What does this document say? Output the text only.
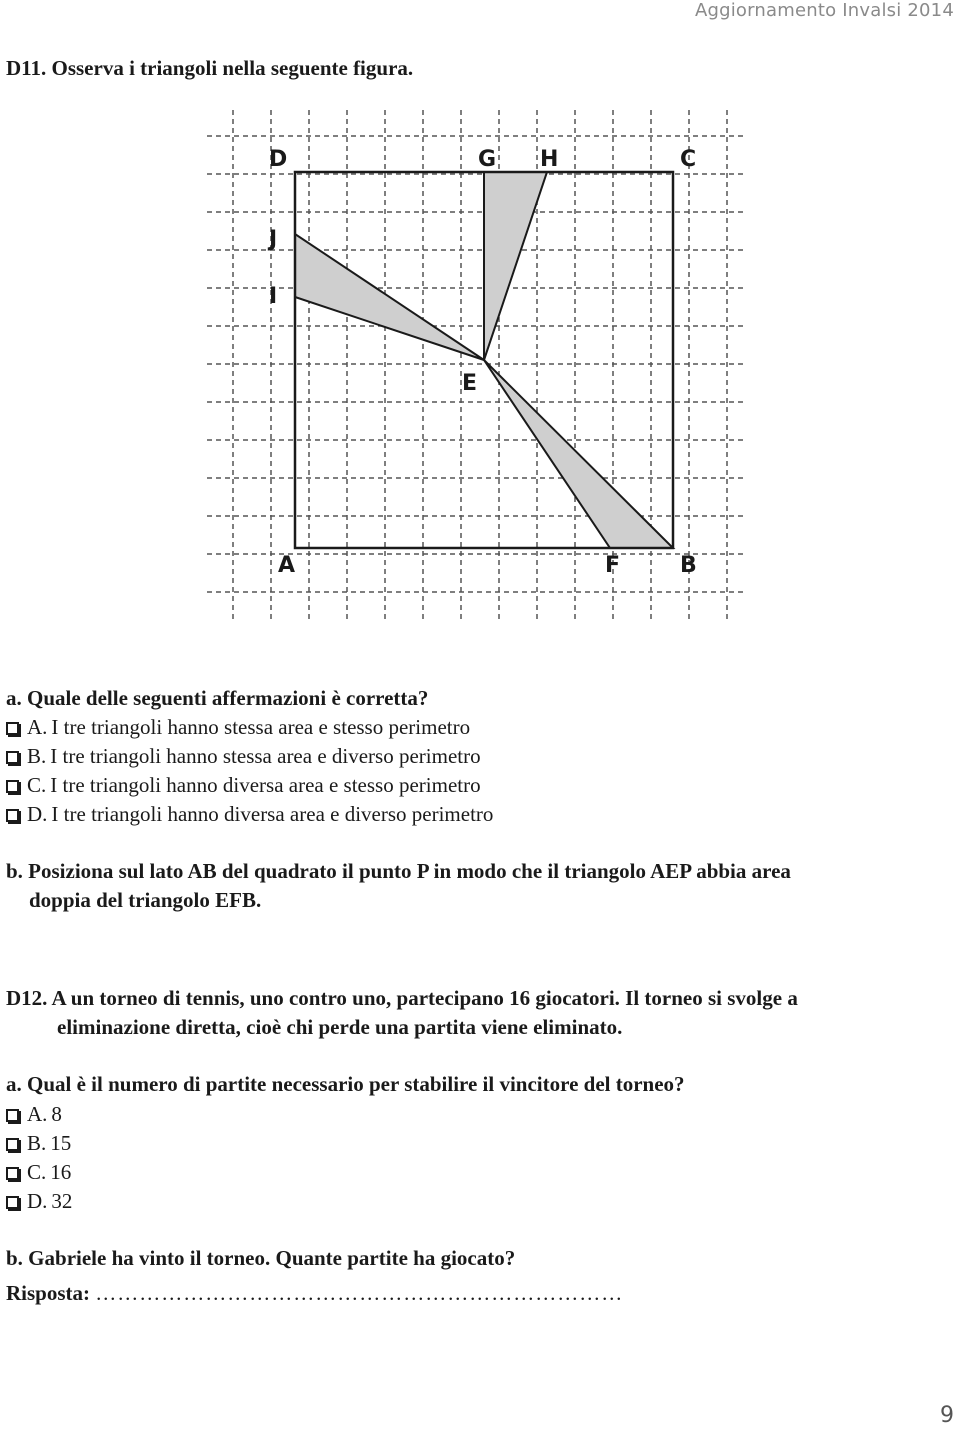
Aggiornamento Invalsi 2014
D11. Osserva i triangoli nella seguente figura.
D	G H	C
J
I
E
A	F	B
a. Quale delle seguenti affermazioni è corretta?
A. I tre triangoli hanno stessa area e stesso perimetro
B. I tre triangoli hanno stessa area e diverso perimetro
C. I tre triangoli hanno diversa area e stesso perimetro
D. I tre triangoli hanno diversa area e diverso perimetro
b. Posiziona sul lato AB del quadrato il punto P in modo che il triangolo AEP abbia area
doppia del triangolo EFB.
D12. A un torneo di tennis, uno contro uno, partecipano 16 giocatori. Il torneo si svolge a
eliminazione diretta, cioè chi perde una partita viene eliminato.
a. Qual è il numero di partite necessario per stabilire il vincitore del torneo?
A. 8
B. 15
C. 16
D. 32
b. Gabriele ha vinto il torneo. Quante partite ha giocato?
Risposta: ………………………………………………………………
9
